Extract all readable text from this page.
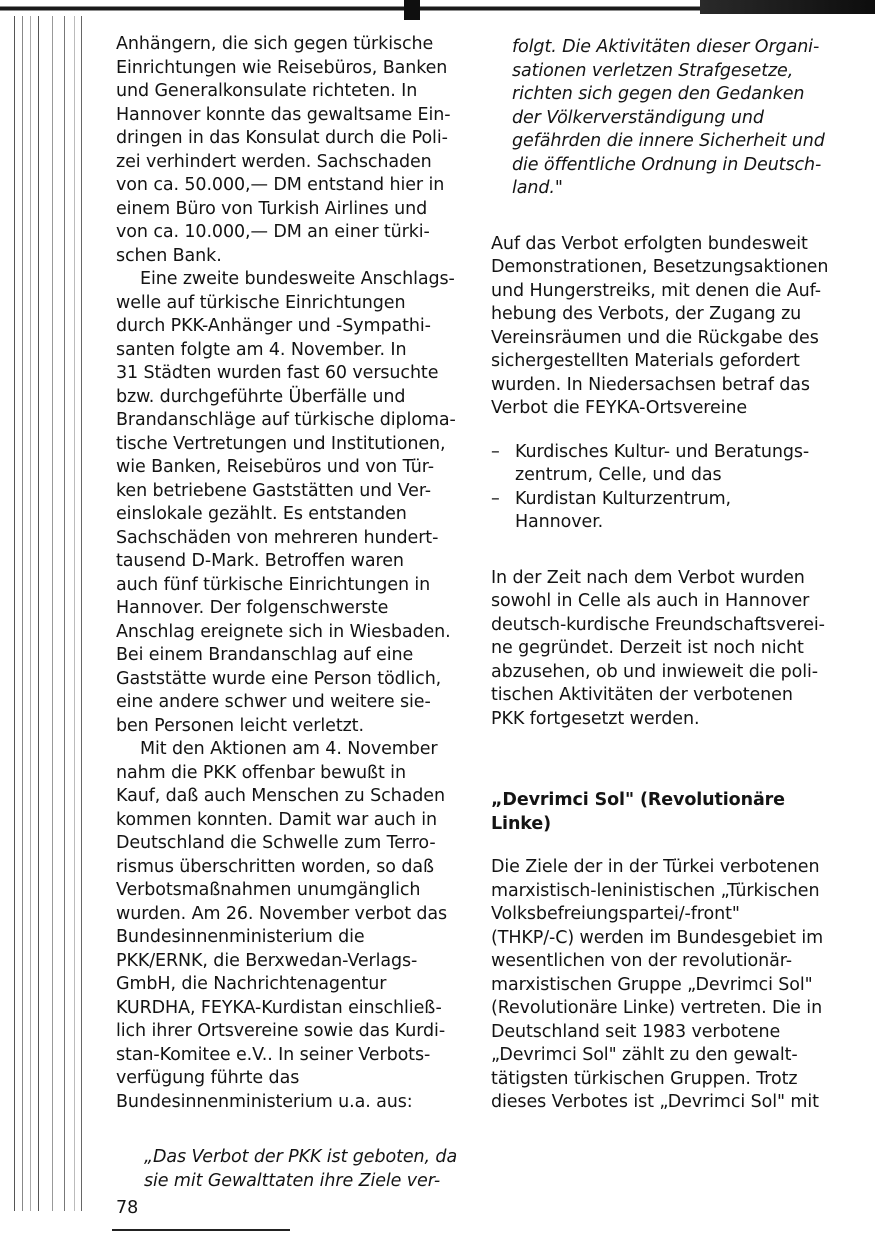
Anhängern, die sich gegen türkische
Einrichtungen wie Reisebüros, Banken
und Generalkonsulate richteten. In
Hannover konnte das gewaltsame Ein-
dringen in das Konsulat durch die Poli-
zei verhindert werden. Sachschaden
von ca. 50.000,— DM entstand hier in
einem Büro von Turkish Airlines und
von ca. 10.000,— DM an einer türki-
schen Bank.
Eine zweite bundesweite Anschlags-
welle auf türkische Einrichtungen
durch PKK-Anhänger und -Sympathi-
santen folgte am 4. November. In
31 Städten wurden fast 60 versuchte
bzw. durchgeführte Überfälle und
Brandanschläge auf türkische diploma-
tische Vertretungen und Institutionen,
wie Banken, Reisebüros und von Tür-
ken betriebene Gaststätten und Ver-
einslokale gezählt. Es entstanden
Sachschäden von mehreren hundert-
tausend D-Mark. Betroffen waren
auch fünf türkische Einrichtungen in
Hannover. Der folgenschwerste
Anschlag ereignete sich in Wiesbaden.
Bei einem Brandanschlag auf eine
Gaststätte wurde eine Person tödlich,
eine andere schwer und weitere sie-
ben Personen leicht verletzt.
Mit den Aktionen am 4. November
nahm die PKK offenbar bewußt in
Kauf, daß auch Menschen zu Schaden
kommen konnten. Damit war auch in
Deutschland die Schwelle zum Terro-
rismus überschritten worden, so daß
Verbotsmaßnahmen unumgänglich
wurden. Am 26. November verbot das
Bundesinnenministerium die
PKK/ERNK, die Berxwedan-Verlags-
GmbH, die Nachrichtenagentur
KURDHA, FEYKA-Kurdistan einschließ-
lich ihrer Ortsvereine sowie das Kurdi-
stan-Komitee e.V.. In seiner Verbots-
verfügung führte das
Bundesinnenministerium u.a. aus:
„Das Verbot der PKK ist geboten, da
sie mit Gewalttaten ihre Ziele ver-
folgt. Die Aktivitäten dieser Organi-
sationen verletzen Strafgesetze,
richten sich gegen den Gedanken
der Völkerverständigung und
gefährden die innere Sicherheit und
die öffentliche Ordnung in Deutsch-
land."
Auf das Verbot erfolgten bundesweit
Demonstrationen, Besetzungsaktionen
und Hungerstreiks, mit denen die Auf-
hebung des Verbots, der Zugang zu
Vereinsräumen und die Rückgabe des
sichergestellten Materials gefordert
wurden. In Niedersachsen betraf das
Verbot die FEYKA-Ortsvereine
– Kurdisches Kultur- und Beratungs-
zentrum, Celle, und das
– Kurdistan Kulturzentrum,
Hannover.
In der Zeit nach dem Verbot wurden
sowohl in Celle als auch in Hannover
deutsch-kurdische Freundschaftsverei-
ne gegründet. Derzeit ist noch nicht
abzusehen, ob und inwieweit die poli-
tischen Aktivitäten der verbotenen
PKK fortgesetzt werden.
„Devrimci Sol" (Revolutionäre Linke)
Die Ziele der in der Türkei verbotenen
marxistisch-leninistischen „Türkischen
Volksbefreiungspartei/-front"
(THKP/-C) werden im Bundesgebiet im
wesentlichen von der revolutionär-
marxistischen Gruppe „Devrimci Sol"
(Revolutionäre Linke) vertreten. Die in
Deutschland seit 1983 verbotene
„Devrimci Sol" zählt zu den gewalt-
tätigsten türkischen Gruppen. Trotz
dieses Verbotes ist „Devrimci Sol" mit
78
